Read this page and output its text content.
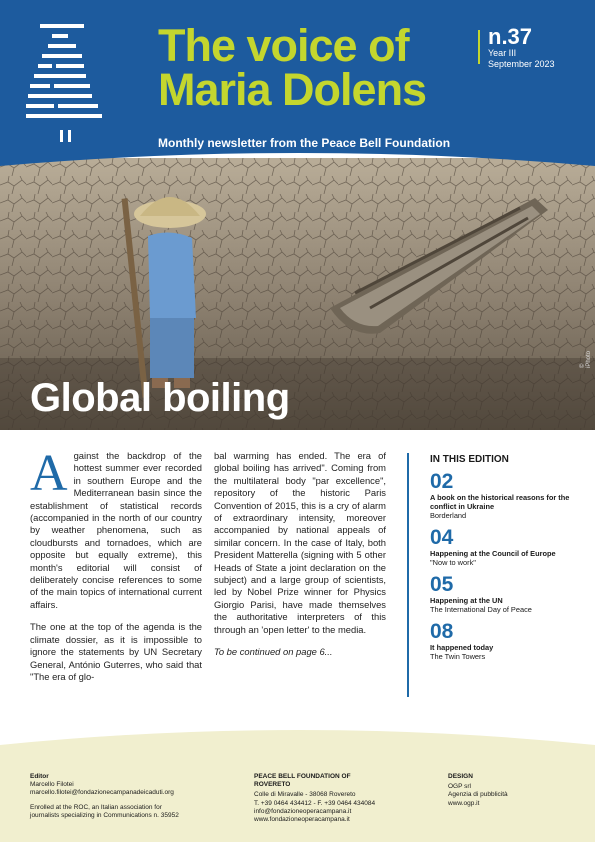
The voice of
Maria Dolens
n.37
Year III
September 2023
Monthly newsletter from the Peace Bell Foundation
Global boiling
© iPhoto

Against the backdrop of the hottest summer ever recorded in southern Europe and the Mediterranean basin since the establishment of statistical records (accompanied in the north of our country by weather phenomena, such as cloudbursts and tornadoes, which are opposite but equally extreme), this month's editorial will consist of deliberately concise references to some of the main topics of international current affairs.

The one at the top of the agenda is the climate dossier, as it is impossible to ignore the statements by UN Secretary General, António Guterres, who said that "The era of glo-

bal warming has ended. The era of global boiling has arrived". Coming from the multilateral body "par excellence", repository of the historic Paris Convention of 2015, this is a cry of alarm of extraordinary intensity, moreover accompanied by national appeals of similar concern. In the case of Italy, both President Matterella (signing with 5 other Heads of State a joint declaration on the subject) and a large group of scientists, led by Nobel Prize winner for Physics Giorgio Parisi, have made themselves the authoritative interpreters of this through an 'open letter' to the media.

To be continued on page 6...

IN THIS EDITION
02
A book on the historical reasons for the conflict in Ukraine
Borderland
04
Happening at the Council of Europe
"Now to work"
05
Happening at the UN
The International Day of Peace
08
It happened today
The Twin Towers
Editor
Marcello Filotei
marcello.filotei@fondazionecampanadeicaduti.org
Enrolled at the ROC, an Italian association for
journalists specializing in Communications n. 35952
PEACE BELL FOUNDATION OF
ROVERETO
Colle di Miravalle - 38068 Rovereto
T. +39 0464 434412 - F. +39 0464 434084
info@fondazioneoperacampana.it
www.fondazioneoperacampana.it
DESIGN
OGP srl
Agenzia di pubblicità
www.ogp.it
